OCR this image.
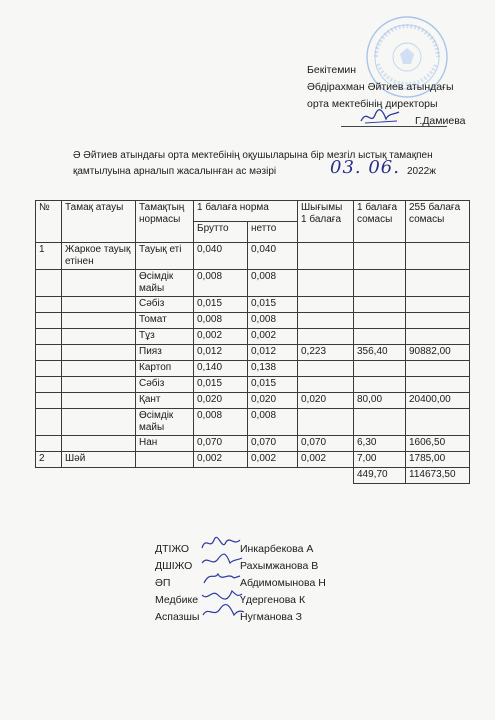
Бекітемин
Әбдірахман Әйтиев атындағы
орта мектебінің директоры
Г.Дамиева
Ә Әйтиев атындағы орта мектебінің оқушыларына бір мезгіл ыстық тамақпен қамтылуына арналып жасалынған ас мәзірі	03. 06. 2022ж
№	Тамақ атауы	Тамақтың нормасы	1 балаға норма		Шығымы 1 балаға	1 балаға сомасы	255 балаға сомасы
			Брутто	нетто			
1	Жаркое тауық етінен	Тауық еті	0,040	0,040			
		Өсімдік майы	0,008	0,008			
		Сәбіз	0,015	0,015			
		Томат	0,008	0,008			
		Тұз	0,002	0,002			
		Пияз	0,012	0,012	0,223	356,40	90882,00
		Картоп	0,140	0,138			
		Сәбіз	0,015	0,015			
		Қант	0,020	0,020	0,020	80,00	20400,00
		Өсімдік майы	0,008	0,008			
		Нан	0,070	0,070	0,070	6,30	1606,50
2	Шәй		0,002	0,002	0,002	7,00	1785,00
						449,70	114673,50
ДТІЖО	Инкарбекова А
ДШІЖО	Рахымжанова В
ӘП	Абдимомынова Н
Медбике	Үдергенова К
Аспазшы	Нугманова З
